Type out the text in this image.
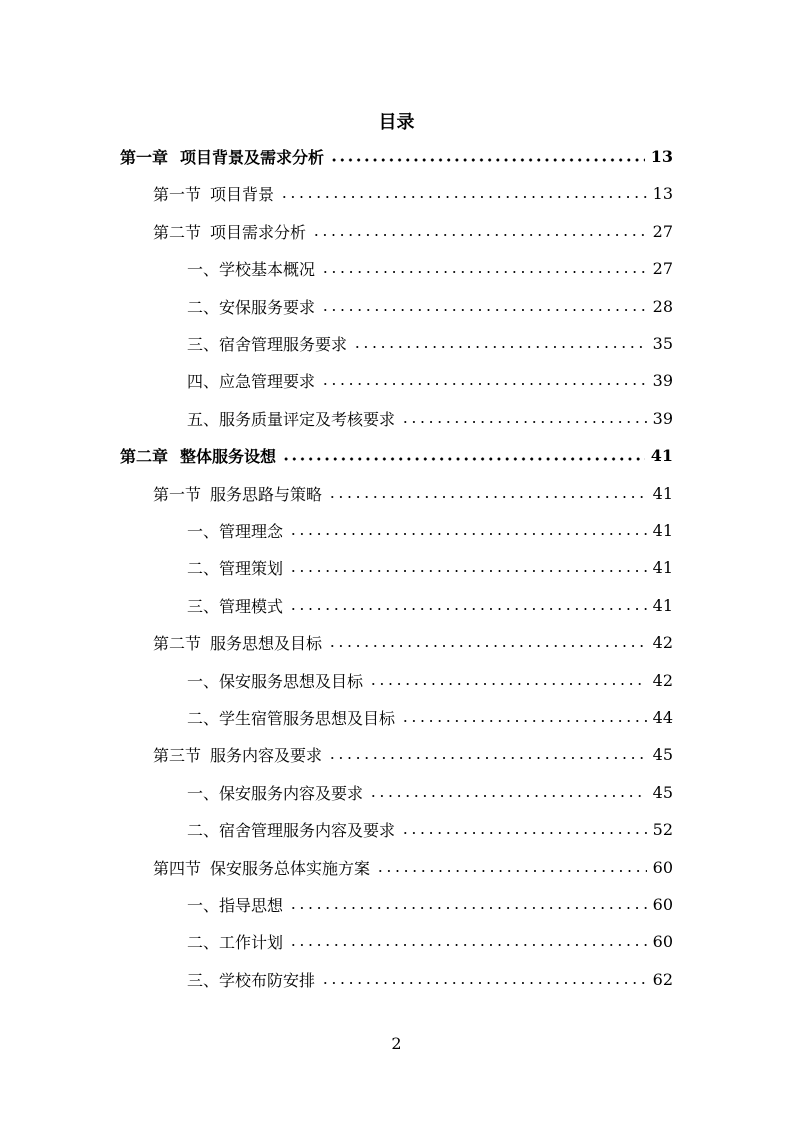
目录
第一章 项目背景及需求分析	13
第一节 项目背景	13
第二节 项目需求分析	27
一、学校基本概况	27
二、安保服务要求	28
三、宿舍管理服务要求	35
四、应急管理要求	39
五、服务质量评定及考核要求	39
第二章 整体服务设想	41
第一节 服务思路与策略	41
一、管理理念	41
二、管理策划	41
三、管理模式	41
第二节 服务思想及目标	42
一、保安服务思想及目标	42
二、学生宿管服务思想及目标	44
第三节 服务内容及要求	45
一、保安服务内容及要求	45
二、宿舍管理服务内容及要求	52
第四节 保安服务总体实施方案	60
一、指导思想	60
二、工作计划	60
三、学校布防安排	62
2
